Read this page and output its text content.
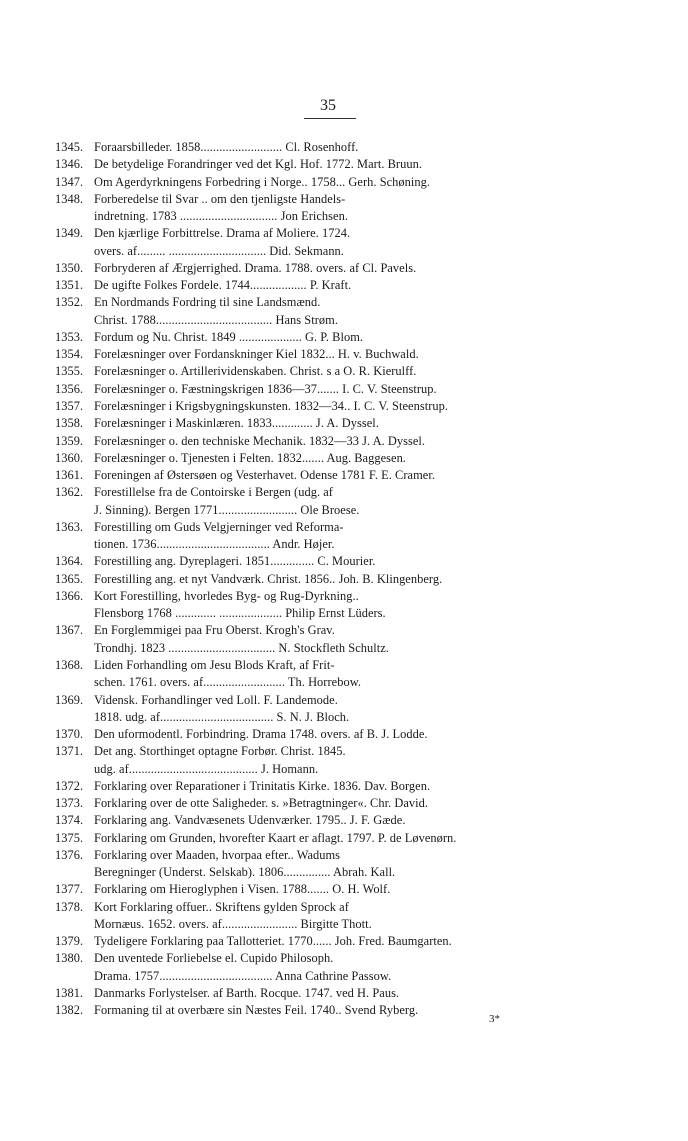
35
1345. Foraarsbilleder. 1858.......................... Cl. Rosenhoff.
1346. De betydelige Forandringer ved det Kgl. Hof. 1772. Mart. Bruun.
1347. Om Agerdyrkningens Forbedring i Norge.. 1758... Gerh. Schøning.
1348. Forberedelse til Svar .. om den tjenligste Handels-
indretning. 1783 ............................... Jon Erichsen.
1349. Den kjærlige Forbittrelse. Drama af Moliere. 1724.
overs. af......... ............................... Did. Sekmann.
1350. Forbryderen af Ærgjerrighed. Drama. 1788. overs. af Cl. Pavels.
1351. De ugifte Folkes Fordele. 1744.................. P. Kraft.
1352. En Nordmands Fordring til sine Landsmænd.
Christ. 1788..................................... Hans Strøm.
1353. Fordum og Nu. Christ. 1849 .................... G. P. Blom.
1354. Forelæsninger over Fordanskninger Kiel 1832... H. v. Buchwald.
1355. Forelæsninger o. Artillerividenskaben. Christ. s a O. R. Kierulff.
1356. Forelæsninger o. Fæstningskrigen 1836—37....... I. C. V. Steenstrup.
1357. Forelæsninger i Krigsbygningskunsten. 1832—34.. I. C. V. Steenstrup.
1358. Forelæsninger i Maskinlæren. 1833............. J. A. Dyssel.
1359. Forelæsninger o. den techniske Mechanik. 1832—33 J. A. Dyssel.
1360. Forelæsninger o. Tjenesten i Felten. 1832....... Aug. Baggesen.
1361. Foreningen af Østersøen og Vesterhavet. Odense 1781 F. E. Cramer.
1362. Forestillelse fra de Contoirske i Bergen (udg. af
J. Sinning). Bergen 1771......................... Ole Broese.
1363. Forestilling om Guds Velgjerninger ved Reforma-
tionen. 1736.................................... Andr. Højer.
1364. Forestilling ang. Dyreplageri. 1851.............. C. Mourier.
1365. Forestilling ang. et nyt Vandværk. Christ. 1856.. Joh. B. Klingenberg.
1366. Kort Forestilling, hvorledes Byg- og Rug-Dyrkning..
Flensborg 1768 ............. .................... Philip Ernst Lüders.
1367. En Forglemmigei paa Fru Oberst. Krogh's Grav.
Trondhj. 1823 .................................. N. Stockfleth Schultz.
1368. Liden Forhandling om Jesu Blods Kraft, af Frit-
schen. 1761. overs. af.......................... Th. Horrebow.
1369. Vidensk. Forhandlinger ved Loll. F. Landemode.
1818. udg. af.................................... S. N. J. Bloch.
1370. Den uformodentl. Forbindring. Drama 1748. overs. af B. J. Lodde.
1371. Det ang. Storthinget optagne Forbør. Christ. 1845.
udg. af......................................... J. Homann.
1372. Forklaring over Reparationer i Trinitatis Kirke. 1836. Dav. Borgen.
1373. Forklaring over de otte Saligheder. s. »Betragtninger«. Chr. David.
1374. Forklaring ang. Vandvæsenets Udenværker. 1795.. J. F. Gæde.
1375. Forklaring om Grunden, hvorefter Kaart er aflagt. 1797. P. de Løvenørn.
1376. Forklaring over Maaden, hvorpaa efter.. Wadums
Beregninger (Underst. Selskab). 1806............... Abrah. Kall.
1377. Forklaring om Hieroglyphen i Visen. 1788....... O. H. Wolf.
1378. Kort Forklaring offuer.. Skriftens gylden Sprock af
Mornæus. 1652. overs. af........................ Birgitte Thott.
1379. Tydeligere Forklaring paa Tallotteriet. 1770...... Joh. Fred. Baumgarten.
1380. Den uventede Forliebelse el. Cupido Philosoph.
Drama. 1757.................................... Anna Cathrine Passow.
1381. Danmarks Forlystelser. af Barth. Rocque. 1747. ved H. Paus.
1382. Formaning til at overbære sin Næstes Feil. 1740.. Svend Ryberg.
3*
